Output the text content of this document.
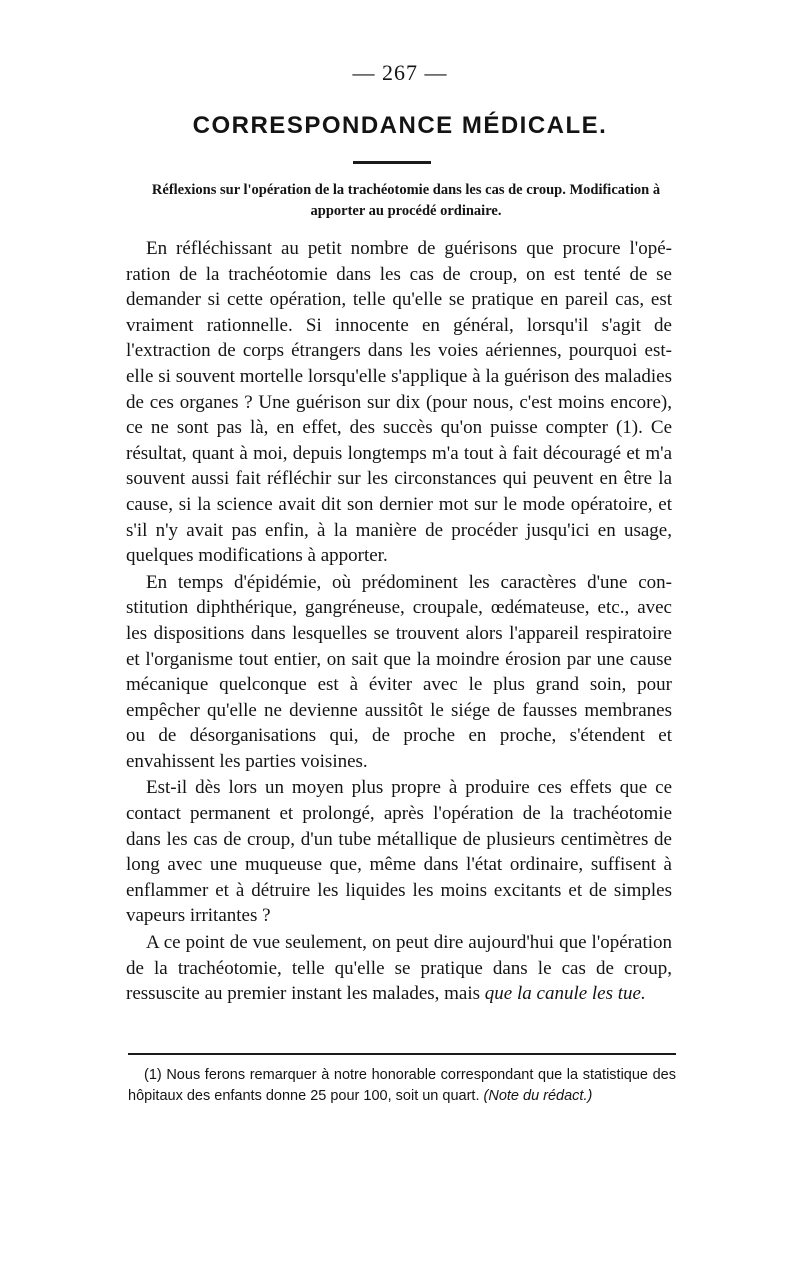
— 267 —
CORRESPONDANCE MÉDICALE.
Réflexions sur l'opération de la trachéotomie dans les cas de croup. Modification à apporter au procédé ordinaire.

En réfléchissant au petit nombre de guérisons que procure l'opération de la trachéotomie dans les cas de croup, on est tenté de se demander si cette opération, telle qu'elle se pratique en pareil cas, est vraiment rationnelle. Si innocente en général, lorsqu'il s'agit de l'extraction de corps étrangers dans les voies aériennes, pourquoi est-elle si souvent mortelle lorsqu'elle s'applique à la guérison des maladies de ces organes ? Une guérison sur dix (pour nous, c'est moins encore), ce ne sont pas là, en effet, des succès qu'on puisse compter (1). Ce résultat, quant à moi, depuis longtemps m'a tout à fait découragé et m'a souvent aussi fait réfléchir sur les circonstances qui peuvent en être la cause, si la science avait dit son dernier mot sur le mode opératoire, et s'il n'y avait pas enfin, à la manière de procéder jusqu'ici en usage, quelques modifications à apporter.

En temps d'épidémie, où prédominent les caractères d'une constitution diphthérique, gangréneuse, croupale, œdémateuse, etc., avec les dispositions dans lesquelles se trouvent alors l'appareil respiratoire et l'organisme tout entier, on sait que la moindre érosion par une cause mécanique quelconque est à éviter avec le plus grand soin, pour empêcher qu'elle ne devienne aussitôt le siége de fausses membranes ou de désorganisations qui, de proche en proche, s'étendent et envahissent les parties voisines.

Est-il dès lors un moyen plus propre à produire ces effets que ce contact permanent et prolongé, après l'opération de la trachéotomie dans les cas de croup, d'un tube métallique de plusieurs centimètres de long avec une muqueuse que, même dans l'état ordinaire, suffisent à enflammer et à détruire les liquides les moins excitants et de simples vapeurs irritantes ?

A ce point de vue seulement, on peut dire aujourd'hui que l'opération de la trachéotomie, telle qu'elle se pratique dans le cas de croup, ressuscite au premier instant les malades, mais que la canule les tue.

(1) Nous ferons remarquer à notre honorable correspondant que la statistique des hôpitaux des enfants donne 25 pour 100, soit un quart. (Note du rédact.)
